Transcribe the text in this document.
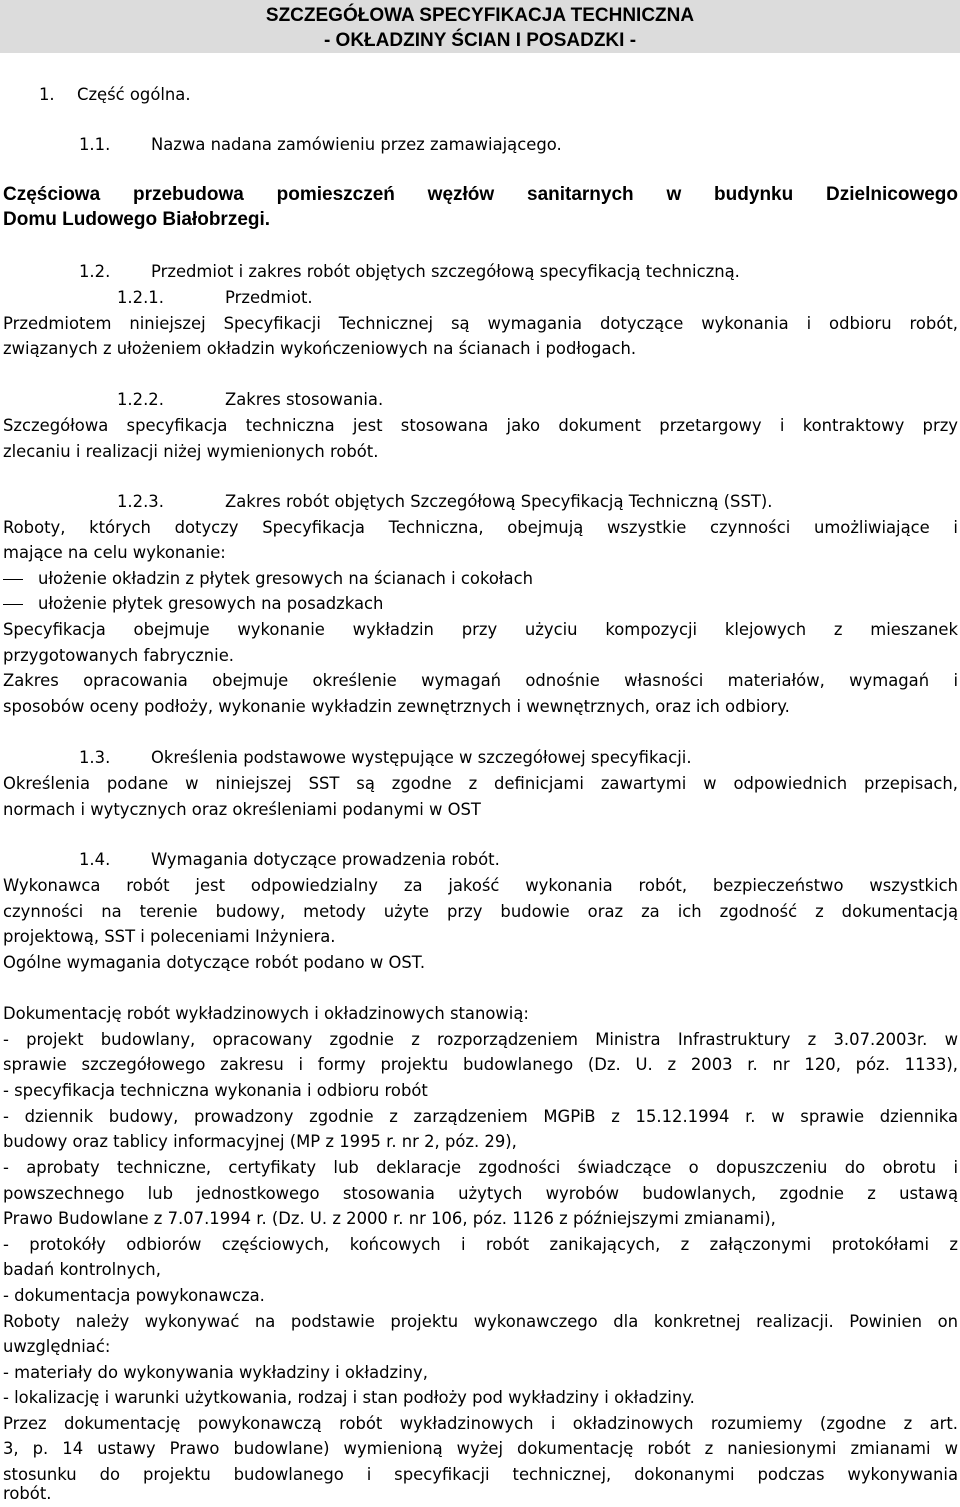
SZCZEGÓŁOWA SPECYFIKACJA TECHNICZNA
- OKŁADZINY ŚCIAN I POSADZKI -
1. Część ogólna.
1.1. Nazwa nadana zamówieniu przez zamawiającego.
Częściowa przebudowa pomieszczeń węzłów sanitarnych w budynku Dzielnicowego
Domu Ludowego Białobrzegi.
1.2. Przedmiot i zakres robót objętych szczegółową specyfikacją techniczną.
1.2.1.	Przedmiot.
Przedmiotem niniejszej Specyfikacji Technicznej są wymagania dotyczące wykonania i odbioru robót,
związanych z ułożeniem okładzin wykończeniowych na ścianach i podłogach.
1.2.2.	Zakres stosowania.
Szczegółowa specyfikacja techniczna jest stosowana jako dokument przetargowy i kontraktowy przy
zlecaniu i realizacji niżej wymienionych robót.
1.2.3.	Zakres robót objętych Szczegółową Specyfikacją Techniczną (SST).
Roboty, których dotyczy Specyfikacja Techniczna, obejmują wszystkie czynności umożliwiające i
mające na celu wykonanie:
ułożenie okładzin z płytek gresowych na ścianach i cokołach
ułożenie płytek gresowych na posadzkach
Specyfikacja obejmuje wykonanie wykładzin przy użyciu kompozycji klejowych z mieszanek
przygotowanych fabrycznie.
Zakres opracowania obejmuje określenie wymagań odnośnie własności materiałów, wymagań i
sposobów oceny podłoży, wykonanie wykładzin zewnętrznych i wewnętrznych, oraz ich odbiory.
1.3. Określenia podstawowe występujące w szczegółowej specyfikacji.
Określenia podane w niniejszej SST są zgodne z definicjami zawartymi w odpowiednich przepisach,
normach i wytycznych oraz określeniami podanymi w OST
1.4. Wymagania dotyczące prowadzenia robót.
Wykonawca robót jest odpowiedzialny za jakość wykonania robót, bezpieczeństwo wszystkich
czynności na terenie budowy, metody użyte przy budowie oraz za ich zgodność z dokumentacją
projektową, SST i poleceniami Inżyniera.
Ogólne wymagania dotyczące robót podano w OST.
Dokumentację robót wykładzinowych i okładzinowych stanowią:
- projekt budowlany, opracowany zgodnie z rozporządzeniem Ministra Infrastruktury z 3.07.2003r. w
sprawie szczegółowego zakresu i formy projektu budowlanego (Dz. U. z 2003 r. nr 120, póz. 1133),
- specyfikacja techniczna wykonania i odbioru robót
- dziennik budowy, prowadzony zgodnie z zarządzeniem MGPiB z 15.12.1994 r. w sprawie dziennika
budowy oraz tablicy informacyjnej (MP z 1995 r. nr 2, póz. 29),
- aprobaty techniczne, certyfikaty lub deklaracje zgodności świadczące o dopuszczeniu do obrotu i
powszechnego lub jednostkowego stosowania użytych wyrobów budowlanych, zgodnie z ustawą
Prawo Budowlane z 7.07.1994 r. (Dz. U. z 2000 r. nr 106, póz. 1126 z późniejszymi zmianami),
- protokóły odbiorów częściowych, końcowych i robót zanikających, z załączonymi protokółami z
badań kontrolnych,
- dokumentacja powykonawcza.
Roboty należy wykonywać na podstawie projektu wykonawczego dla konkretnej realizacji. Powinien on
uwzględniać:
- materiały do wykonywania wykładziny i okładziny,
- lokalizację i warunki użytkowania, rodzaj i stan podłoży pod wykładziny i okładziny.
Przez dokumentację powykonawczą robót wykładzinowych i okładzinowych rozumiemy (zgodne z art.
3, p. 14 ustawy Prawo budowlane) wymienioną wyżej dokumentację robót z naniesionymi zmianami w
stosunku do projektu budowlanego i specyfikacji technicznej, dokonanymi podczas wykonywania
robót.
